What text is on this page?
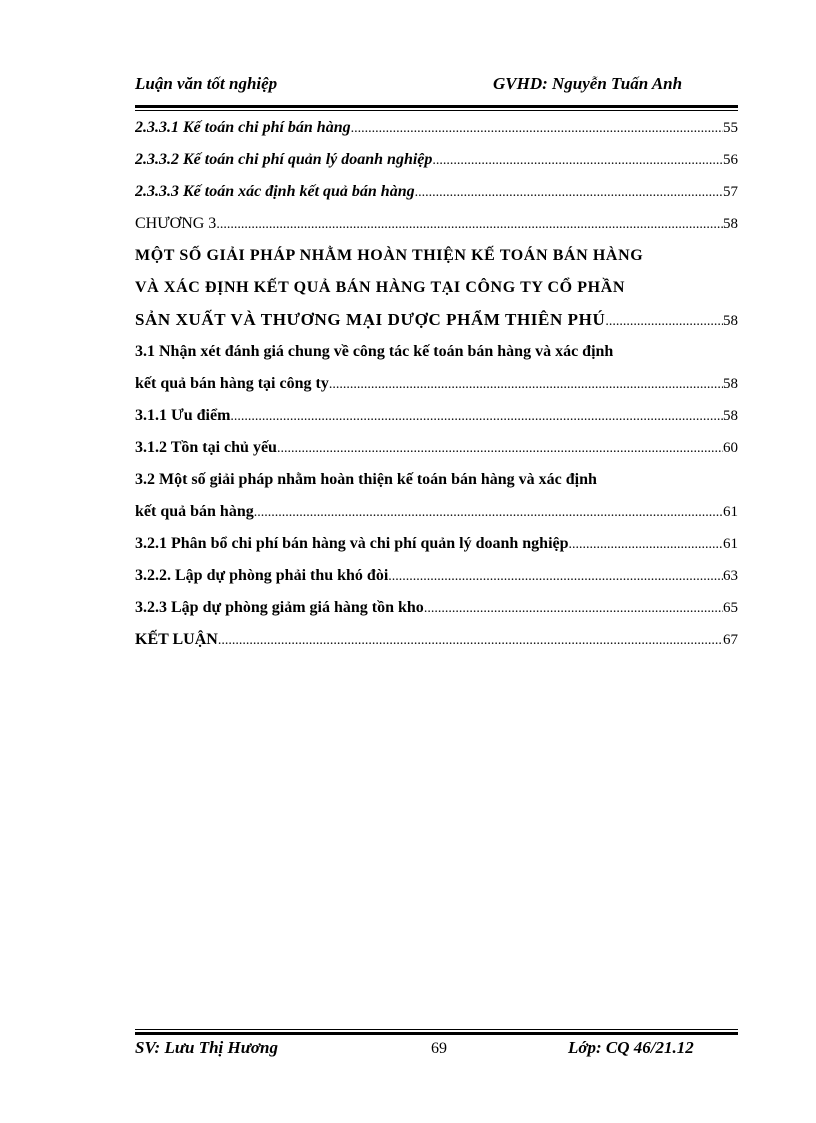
Luận văn tốt nghiệp	GVHD: Nguyễn Tuấn Anh
2.3.3.1 Kế toán chi phí bán hàng .....	55
2.3.3.2 Kế toán chi phí quản lý doanh nghiệp .....	56
2.3.3.3 Kế toán xác định kết quả bán hàng .....	57
CHƯƠNG 3 .....	58
MỘT SỐ GIẢI PHÁP NHẰM HOÀN THIỆN KẾ TOÁN BÁN HÀNG
VÀ XÁC ĐỊNH KẾT QUẢ BÁN HÀNG TẠI CÔNG TY CỔ PHẦN
SẢN XUẤT VÀ THƯƠNG MẠI DƯỢC PHẨM THIÊN PHÚ .....	58
3.1 Nhận xét đánh giá chung về công tác kế toán bán hàng và xác định
kết quả bán hàng tại công ty .....	58
3.1.1 Ưu điểm .....	58
3.1.2 Tồn tại chủ yếu .....	60
3.2 Một số giải pháp nhằm hoàn thiện kế toán bán hàng và xác định
kết quả bán hàng .....	61
3.2.1 Phân bổ chi phí bán hàng và chi phí quản lý doanh nghiệp .....	61
3.2.2. Lập dự phòng phải thu khó đòi .....	63
3.2.3 Lập dự phòng giảm giá hàng tồn kho .....	65
KẾT LUẬN .....	67
SV: Lưu Thị Hương	69	Lớp: CQ 46/21.12
